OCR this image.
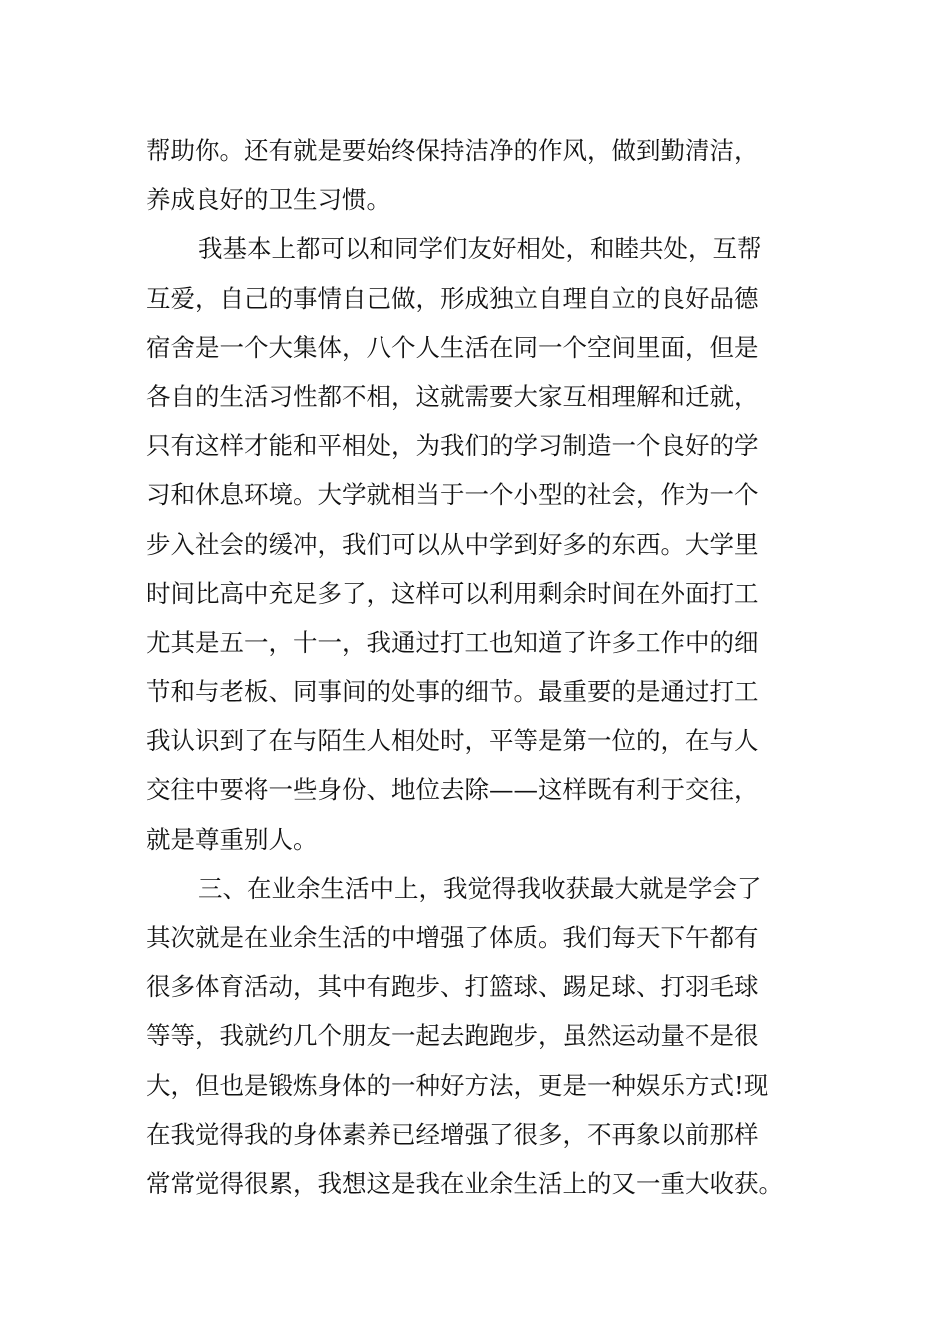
帮助你。还有就是要始终保持洁净的作风，做到勤清洁，
养成良好的卫生习惯。
我基本上都可以和同学们友好相处，和睦共处，互帮
互爱，自己的事情自己做，形成独立自理自立的良好品德
宿舍是一个大集体，八个人生活在同一个空间里面，但是
各自的生活习性都不相，这就需要大家互相理解和迁就，
只有这样才能和平相处，为我们的学习制造一个良好的学
习和休息环境。大学就相当于一个小型的社会，作为一个
步入社会的缓冲，我们可以从中学到好多的东西。大学里
时间比高中充足多了，这样可以利用剩余时间在外面打工
尤其是五一，十一，我通过打工也知道了许多工作中的细
节和与老板、同事间的处事的细节。最重要的是通过打工
我认识到了在与陌生人相处时，平等是第一位的，在与人
交往中要将一些身份、地位去除——这样既有利于交往，
就是尊重别人。
三、在业余生活中上，我觉得我收获最大就是学会了
其次就是在业余生活的中增强了体质。我们每天下午都有
很多体育活动，其中有跑步、打篮球、踢足球、打羽毛球
等等，我就约几个朋友一起去跑跑步，虽然运动量不是很
大，但也是锻炼身体的一种好方法，更是一种娱乐方式!现
在我觉得我的身体素养已经增强了很多，不再象以前那样
常常觉得很累，我想这是我在业余生活上的又一重大收获。
